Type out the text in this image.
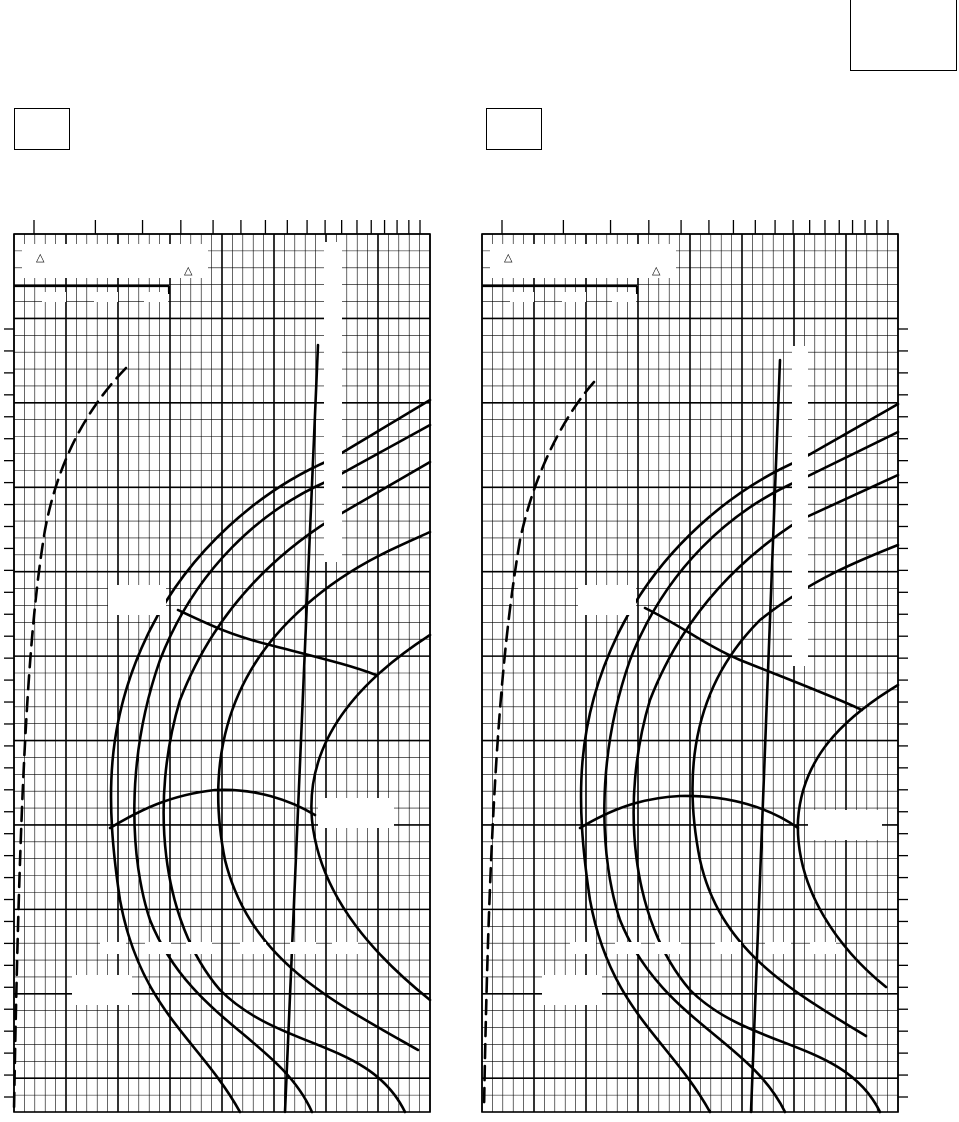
△
△
△
△
